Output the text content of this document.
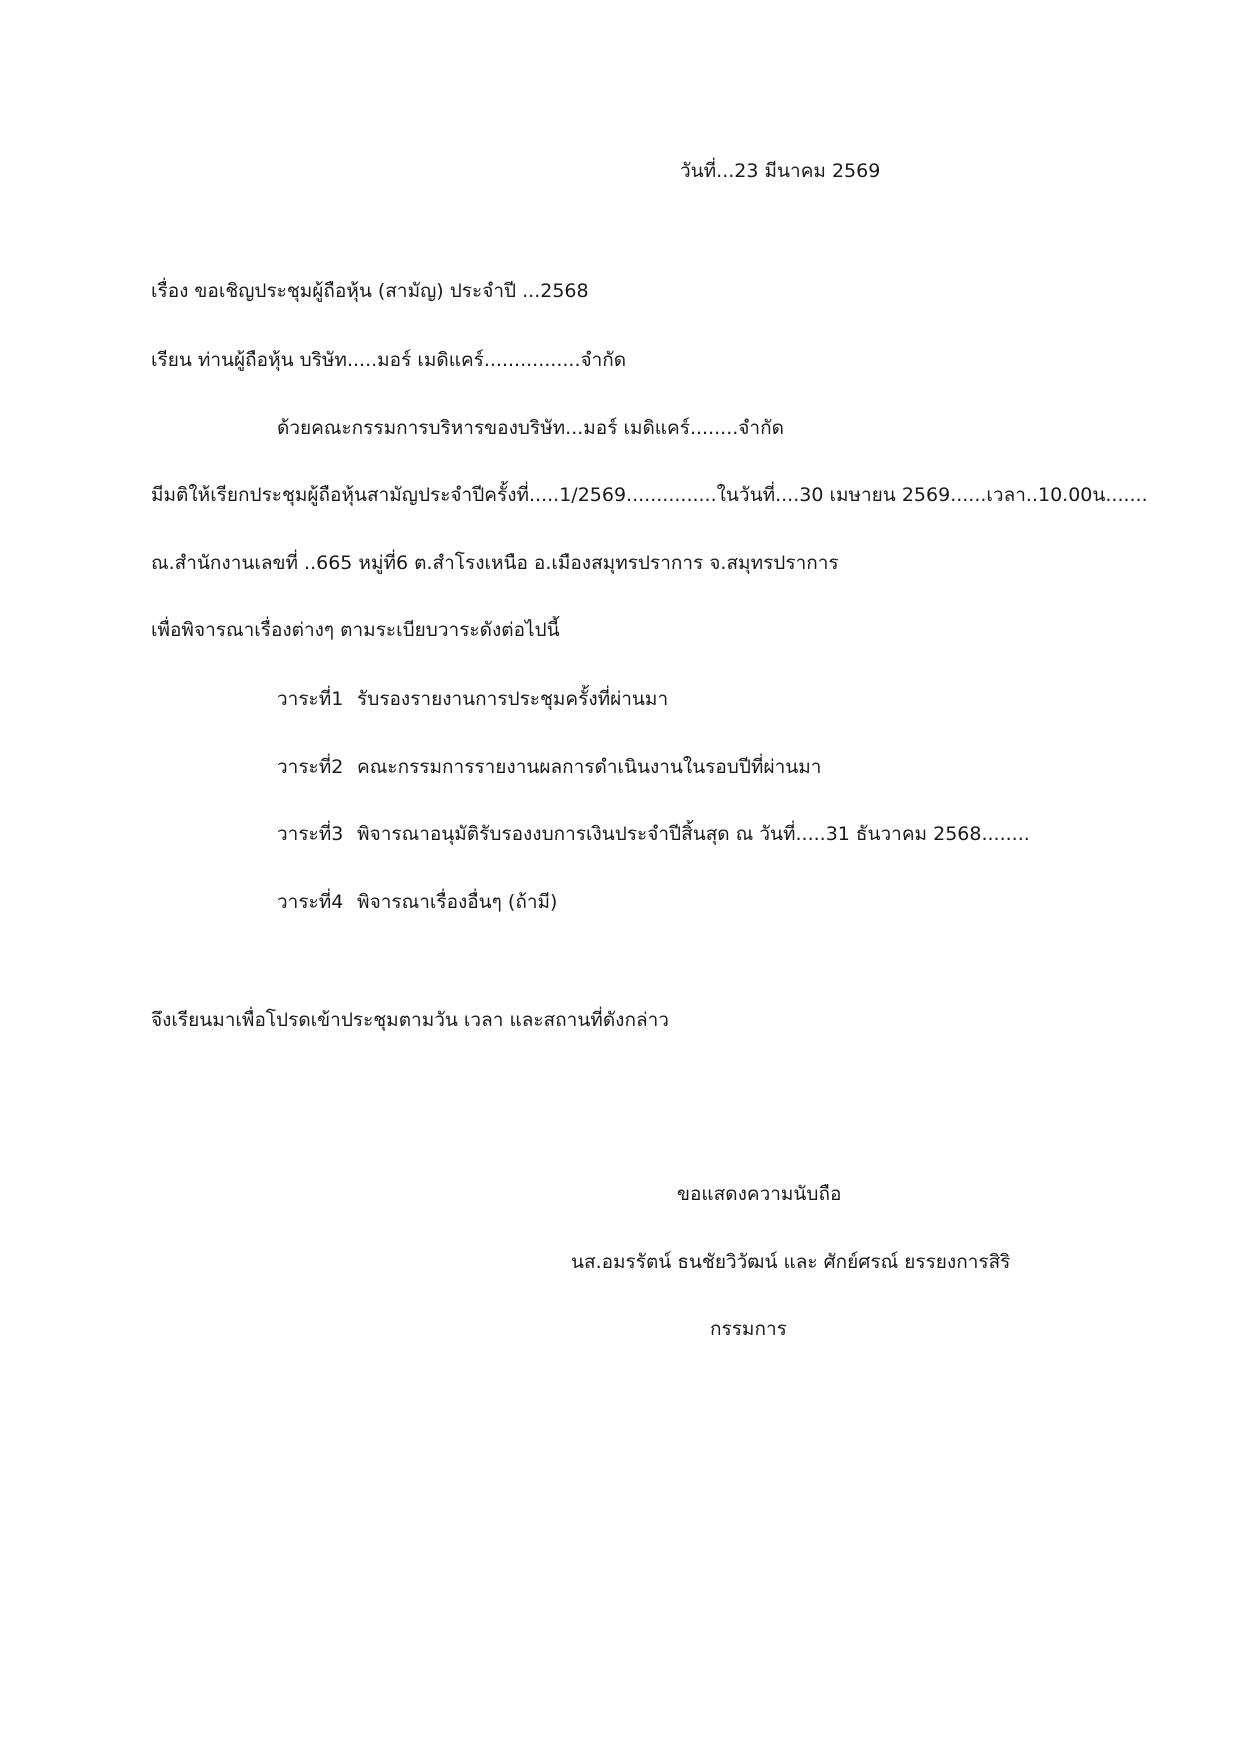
วันที่...23 มีนาคม 2569
เรื่อง ขอเชิญประชุมผู้ถือหุ้น (สามัญ) ประจำปี ...2568
เรียน ท่านผู้ถือหุ้น บริษัท.....มอร์ เมดิแคร์................จำกัด
ด้วยคณะกรรมการบริหารของบริษัท...มอร์ เมดิแคร์........จำกัด
มีมติให้เรียกประชุมผู้ถือหุ้นสามัญประจำปีครั้งที่.....1/2569...............ในวันที่....30 เมษายน 2569......เวลา..10.00น.......
ณ.สำนักงานเลขที่ ..665 หมู่ที่6 ต.สำโรงเหนือ อ.เมืองสมุทรปราการ จ.สมุทรปราการ
เพื่อพิจารณาเรื่องต่างๆ ตามระเบียบวาระดังต่อไปนี้
วาระที่1 รับรองรายงานการประชุมครั้งที่ผ่านมา
วาระที่2 คณะกรรมการรายงานผลการดำเนินงานในรอบปีที่ผ่านมา
วาระที่3 พิจารณาอนุมัติรับรองงบการเงินประจำปีสิ้นสุด ณ วันที่.....31 ธันวาคม 2568........
วาระที่4 พิจารณาเรื่องอื่นๆ (ถ้ามี)
จึงเรียนมาเพื่อโปรดเข้าประชุมตามวัน เวลา และสถานที่ดังกล่าว
ขอแสดงความนับถือ
นส.อมรรัตน์ ธนชัยวิวัฒน์ และ ศักย์ศรณ์ ยรรยงการสิริ
กรรมการ
